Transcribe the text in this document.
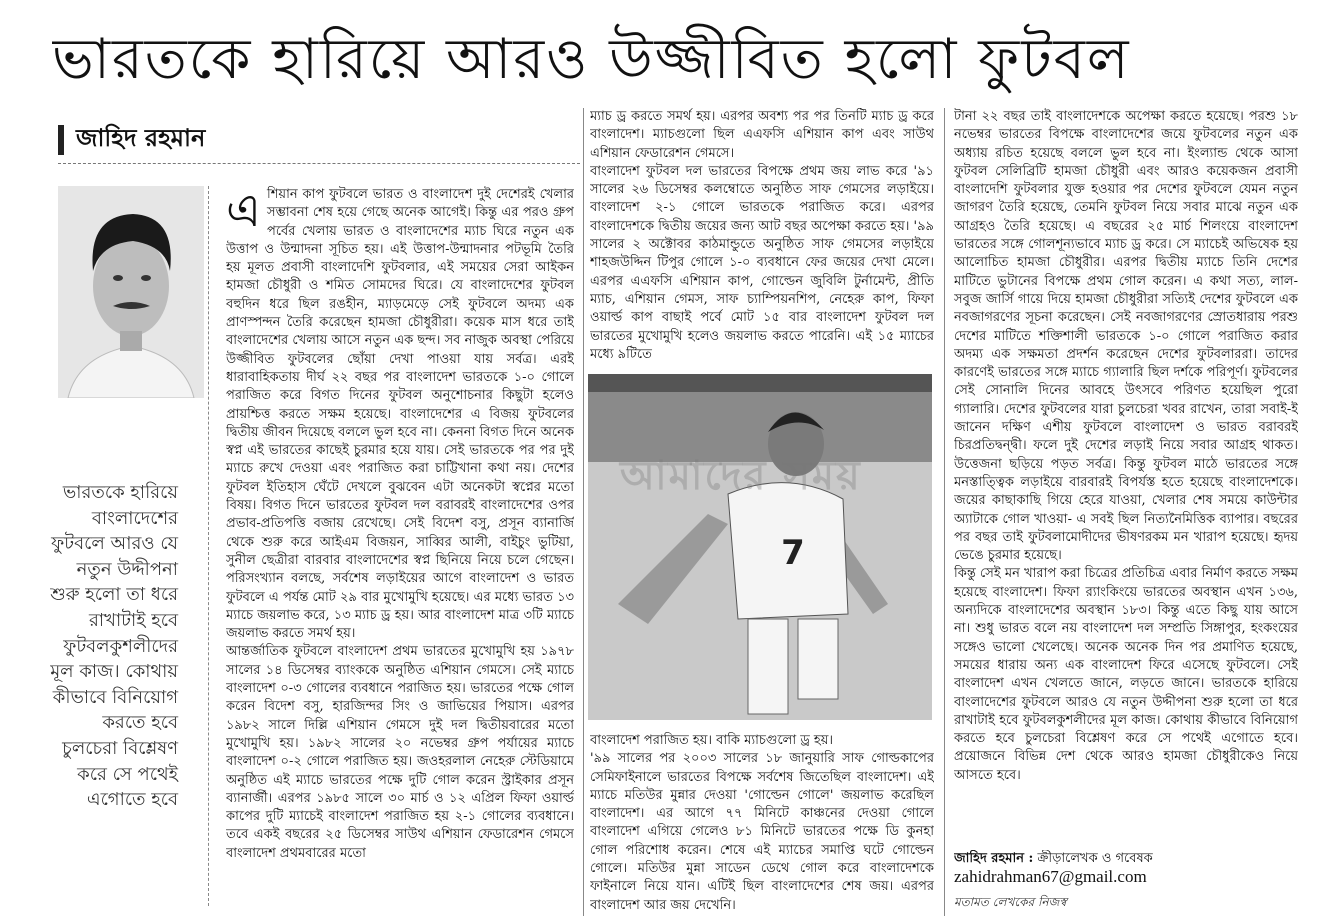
ভারতকে হারিয়ে আরও উজ্জীবিত হলো ফুটবল
জাহিদ রহমান
ভারতকে হারিয়ে বাংলাদেশের ফুটবলে আরও যে নতুন উদ্দীপনা শুরু হলো তা ধরে রাখাটাই হবে ফুটবলকুশলীদের মূল কাজ। কোথায় কীভাবে বিনিয়োগ করতে হবে চুলচেরা বিশ্লেষণ করে সে পথেই এগোতে হবে
এ শিয়ান কাপ ফুটবলে ভারত ও বাংলাদেশ দুই দেশেরই খেলার সম্ভাবনা শেষ হয়ে গেছে অনেক আগেই। কিন্তু এর পরও গ্রুপ পর্বের খেলায় ভারত ও বাংলাদেশের ম্যাচ ঘিরে নতুন এক উত্তাপ ও উন্মাদনা সূচিত হয়। এই উত্তাপ-উন্মাদনার পটভূমি তৈরি হয় মূলত প্রবাসী বাংলাদেশি ফুটবলার, এই সময়ের সেরা আইকন হামজা চৌধুরী ও শমিত সোমদের ঘিরে। যে বাংলাদেশের ফুটবল বহুদিন ধরে ছিল রঙহীন, ম্যাড়মেড়ে সেই ফুটবলে অদম্য এক প্রাণস্পন্দন তৈরি করেছেন হামজা চৌধুরীরা। কয়েক মাস ধরে তাই বাংলাদেশের খেলায় আসে নতুন এক ছন্দ। সব নাজুক অবস্থা পেরিয়ে উজ্জীবিত ফুটবলের ছোঁয়া দেখা পাওয়া যায় সর্বত্র। এরই ধারাবাহিকতায় দীর্ঘ ২২ বছর পর বাংলাদেশ ভারতকে ১-০ গোলে পরাজিত করে বিগত দিনের ফুটবল অনুশোচনার কিছুটা হলেও প্রায়শ্চিত্ত করতে সক্ষম হয়েছে। বাংলাদেশের এ বিজয় ফুটবলের দ্বিতীয় জীবন দিয়েছে বললে ভুল হবে না। কেননা বিগত দিনে অনেক স্বপ্ন এই ভারতের কাছেই চুরমার হয়ে যায়। সেই ভারতকে পর পর দুই ম্যাচে রুখে দেওয়া এবং পরাজিত করা চাট্টিখানা কথা নয়। দেশের ফুটবল ইতিহাস ঘেঁটে দেখলে বুঝবেন এটা অনেকটা স্বপ্নের মতো বিষয়। বিগত দিনে ভারতের ফুটবল দল বরাবরই বাংলাদেশের ওপর প্রভাব-প্রতিপত্তি বজায় রেখেছে। সেই বিদেশ বসু, প্রসূন ব্যানার্জি থেকে শুরু করে আইএম বিজয়ন, সাব্বির আলী, বাইচুং ভুটিয়া, সুনীল ছেত্রীরা বারবার বাংলাদেশের স্বপ্ন ছিনিয়ে নিয়ে চলে গেছেন। পরিসংখ্যান বলছে, সর্বশেষ লড়াইয়ের আগে বাংলাদেশ ও ভারত ফুটবলে এ পর্যন্ত মোট ২৯ বার মুখোমুখি হয়েছে। এর মধ্যে ভারত ১৩ ম্যাচে জয়লাভ করে, ১৩ ম্যাচ ড্র হয়। আর বাংলাদেশ মাত্র ৩টি ম্যাচে জয়লাভ করতে সমর্থ হয়।

আন্তর্জাতিক ফুটবলে বাংলাদেশ প্রথম ভারতের মুখোমুখি হয় ১৯৭৮ সালের ১৪ ডিসেম্বর ব্যাংককে অনুষ্ঠিত এশিয়ান গেমসে। সেই ম্যাচে বাংলাদেশ ০-৩ গোলের ব্যবধানে পরাজিত হয়। ভারতের পক্ষে গোল করেন বিদেশ বসু, হারজিন্দর সিং ও জাভিয়ের পিয়াস। এরপর ১৯৮২ সালে দিল্লি এশিয়ান গেমসে দুই দল দ্বিতীয়বারের মতো মুখোমুখি হয়। ১৯৮২ সালের ২০ নভেম্বর গ্রুপ পর্যায়ের ম্যাচে বাংলাদেশ ০-২ গোলে পরাজিত হয়। জওহরলাল নেহেরু স্টেডিয়ামে অনুষ্ঠিত এই ম্যাচে ভারতের পক্ষে দুটি গোল করেন স্ট্রাইকার প্রসূন ব্যানার্জী। এরপর ১৯৮৫ সালে ৩০ মার্চ ও ১২ এপ্রিল ফিফা ওয়ার্ল্ড কাপের দুটি ম্যাচেই বাংলাদেশ পরাজিত হয় ২-১ গোলের ব্যবধানে। তবে একই বছরের ২৫ ডিসেম্বর সাউথ এশিয়ান ফেডারেশন গেমসে বাংলাদেশ প্রথমবারের মতো

ম্যাচ ড্র করতে সমর্থ হয়। এরপর অবশ্য পর পর তিনটি ম্যাচ ড্র করে বাংলাদেশ। ম্যাচগুলো ছিল এএফসি এশিয়ান কাপ এবং সাউথ এশিয়ান ফেডারেশন গেমসে।

বাংলাদেশ ফুটবল দল ভারতের বিপক্ষে প্রথম জয় লাভ করে '৯১ সালের ২৬ ডিসেম্বর কলম্বোতে অনুষ্ঠিত সাফ গেমসের লড়াইয়ে। বাংলাদেশ ২-১ গোলে ভারতকে পরাজিত করে। এরপর বাংলাদেশকে দ্বিতীয় জয়ের জন্য আট বছর অপেক্ষা করতে হয়। '৯৯ সালের ২ অক্টোবর কাঠমান্ডুতে অনুষ্ঠিত সাফ গেমসের লড়াইয়ে শাহজউদ্দিন টিপুর গোলে ১-০ ব্যবধানে ফের জয়ের দেখা মেলে। এরপর এএফসি এশিয়ান কাপ, গোল্ডেন জুবিলি টুর্নামেন্ট, প্রীতি ম্যাচ, এশিয়ান গেমস, সাফ চ্যাম্পিয়নশিপ, নেহেরু কাপ, ফিফা ওয়ার্ল্ড কাপ বাছাই পর্বে মোট ১৫ বার বাংলাদেশ ফুটবল দল ভারতের মুখোমুখি হলেও জয়লাভ করতে পারেনি। এই ১৫ ম্যাচের মধ্যে ৯টিতে

7
আমাদের সময়

বাংলাদেশ পরাজিত হয়। বাকি ম্যাচগুলো ড্র হয়।

'৯৯ সালের পর ২০০৩ সালের ১৮ জানুয়ারি সাফ গোল্ডকাপের সেমিফাইনালে ভারতের বিপক্ষে সর্বশেষ জিতেছিল বাংলাদেশ। এই ম্যাচে মতিউর মুন্নার দেওয়া 'গোল্ডেন গোলে' জয়লাভ করেছিল বাংলাদেশ। এর আগে ৭৭ মিনিটে কাঞ্চনের দেওয়া গোলে বাংলাদেশ এগিয়ে গেলেও ৮১ মিনিটে ভারতের পক্ষে ডি কুনহা গোল পরিশোধ করেন। শেষে এই ম্যাচের সমাপ্তি ঘটে গোল্ডেন গোলে। মতিউর মুন্না সাডেন ডেথে গোল করে বাংলাদেশকে ফাইনালে নিয়ে যান। এটিই ছিল বাংলাদেশের শেষ জয়। এরপর বাংলাদেশ আর জয় দেখেনি।

টানা ২২ বছর তাই বাংলাদেশকে অপেক্ষা করতে হয়েছে। পরশু ১৮ নভেম্বর ভারতের বিপক্ষে বাংলাদেশের জয়ে ফুটবলের নতুন এক অধ্যায় রচিত হয়েছে বললে ভুল হবে না। ইংল্যান্ড থেকে আসা ফুটবল সেলিব্রিটি হামজা চৌধুরী এবং আরও কয়েকজন প্রবাসী বাংলাদেশি ফুটবলার যুক্ত হওয়ার পর দেশের ফুটবলে যেমন নতুন জাগরণ তৈরি হয়েছে, তেমনি ফুটবল নিয়ে সবার মাঝে নতুন এক আগ্রহও তৈরি হয়েছে। এ বছরের ২৫ মার্চ শিলংয়ে বাংলাদেশ ভারতের সঙ্গে গোলশূন্যভাবে ম্যাচ ড্র করে। সে ম্যাচেই অভিষেক হয় আলোচিত হামজা চৌধুরীর। এরপর দ্বিতীয় ম্যাচে তিনি দেশের মাটিতে ভুটানের বিপক্ষে প্রথম গোল করেন। এ কথা সত্য, লাল-সবুজ জার্সি গায়ে দিয়ে হামজা চৌধুরীরা সত্যিই দেশের ফুটবলে এক নবজাগরণের সূচনা করেছেন। সেই নবজাগরণের স্রোতধারায় পরশু দেশের মাটিতে শক্তিশালী ভারতকে ১-০ গোলে পরাজিত করার অদম্য এক সক্ষমতা প্রদর্শন করেছেন দেশের ফুটবলাররা। তাদের কারণেই ভারতের সঙ্গে ম্যাচে গ্যালারি ছিল দর্শকে পরিপূর্ণ। ফুটবলের সেই সোনালি দিনের আবহে উৎসবে পরিণত হয়েছিল পুরো গ্যালারি। দেশের ফুটবলের যারা চুলচেরা খবর রাখেন, তারা সবাই-ই জানেন দক্ষিণ এশীয় ফুটবলে বাংলাদেশ ও ভারত বরাবরই চিরপ্রতিদ্বন্দ্বী। ফলে দুই দেশের লড়াই নিয়ে সবার আগ্রহ থাকত। উত্তেজনা ছড়িয়ে পড়ত সর্বত্র। কিন্তু ফুটবল মাঠে ভারতের সঙ্গে মনস্তাত্ত্বিক লড়াইয়ে বারবারই বিপর্যস্ত হতে হয়েছে বাংলাদেশকে। জয়ের কাছাকাছি গিয়ে হেরে যাওয়া, খেলার শেষ সময়ে কাউন্টার অ্যাটাকে গোল খাওয়া- এ সবই ছিল নিত্যনৈমিত্তিক ব্যাপার। বছরের পর বছর তাই ফুটবলামোদীদের ভীষণরকম মন খারাপ হয়েছে। হৃদয় ভেঙে চুরমার হয়েছে।

কিন্তু সেই মন খারাপ করা চিত্রের প্রতিচিত্র এবার নির্মাণ করতে সক্ষম হয়েছে বাংলাদেশ। ফিফা র‍্যাংকিংয়ে ভারতের অবস্থান এখন ১৩৬, অন্যদিকে বাংলাদেশের অবস্থান ১৮৩। কিন্তু এতে কিছু যায় আসে না। শুধু ভারত বলে নয় বাংলাদেশ দল সম্প্রতি সিঙ্গাপুর, হংকংয়ের সঙ্গেও ভালো খেলেছে। অনেক অনেক দিন পর প্রমাণিত হয়েছে, সময়ের ধারায় অন্য এক বাংলাদেশ ফিরে এসেছে ফুটবলে। সেই বাংলাদেশ এখন খেলতে জানে, লড়তে জানে। ভারতকে হারিয়ে বাংলাদেশের ফুটবলে আরও যে নতুন উদ্দীপনা শুরু হলো তা ধরে রাখাটাই হবে ফুটবলকুশলীদের মূল কাজ। কোথায় কীভাবে বিনিয়োগ করতে হবে চুলচেরা বিশ্লেষণ করে সে পথেই এগোতে হবে। প্রয়োজনে বিভিন্ন দেশ থেকে আরও হামজা চৌধুরীকেও নিয়ে আসতে হবে।

জাহিদ রহমান : ক্রীড়ালেখক ও গবেষক

zahidrahman67@gmail.com

মতামত লেখকের নিজস্ব
